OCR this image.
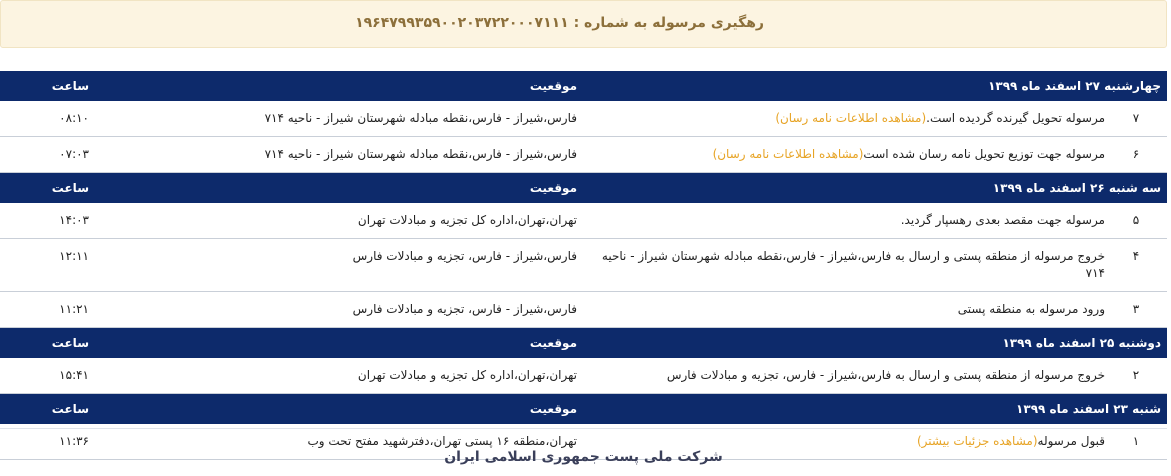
رهگیری مرسوله به شماره : ۱۹۶۴۷۹۹۳۵۹۰۰۲۰۳۷۲۲۰۰۰۷۱۱۱
چهارشنبه ۲۷ اسفند ماه ۱۳۹۹		موقعیت	ساعت
۷	مرسوله تحویل گیرنده گردیده است.(مشاهده اطلاعات نامه رسان)	فارس،شیراز - فارس،نقطه مبادله شهرستان شیراز - ناحیه ۷۱۴	۰۸:۱۰
۶	مرسوله جهت توزیع تحویل نامه رسان شده است(مشاهده اطلاعات نامه رسان)	فارس،شیراز - فارس،نقطه مبادله شهرستان شیراز - ناحیه ۷۱۴	۰۷:۰۳
سه شنبه ۲۶ اسفند ماه ۱۳۹۹		موقعیت	ساعت
۵	مرسوله جهت مقصد بعدی رهسپار گردید.	تهران،تهران،اداره کل تجزیه و مبادلات تهران	۱۴:۰۳
۴	خروج مرسوله از منطقه پستی و ارسال به فارس،شیراز - فارس،نقطه مبادله شهرستان شیراز - ناحیه ۷۱۴	فارس،شیراز - فارس، تجزیه و مبادلات فارس	۱۲:۱۱
۳	ورود مرسوله به منطقه پستی	فارس،شیراز - فارس، تجزیه و مبادلات فارس	۱۱:۲۱
دوشنبه ۲۵ اسفند ماه ۱۳۹۹		موقعیت	ساعت
۲	خروج مرسوله از منطقه پستی و ارسال به فارس،شیراز - فارس، تجزیه و مبادلات فارس	تهران،تهران،اداره کل تجزیه و مبادلات تهران	۱۵:۴۱
شنبه ۲۳ اسفند ماه ۱۳۹۹		موقعیت	ساعت
۱	قبول مرسوله(مشاهده جزئیات بیشتر)	تهران،منطقه ۱۶ پستی تهران،دفترشهید مفتح تحت وب	۱۱:۳۶
شرکت ملی پست جمهوری اسلامی ایران
